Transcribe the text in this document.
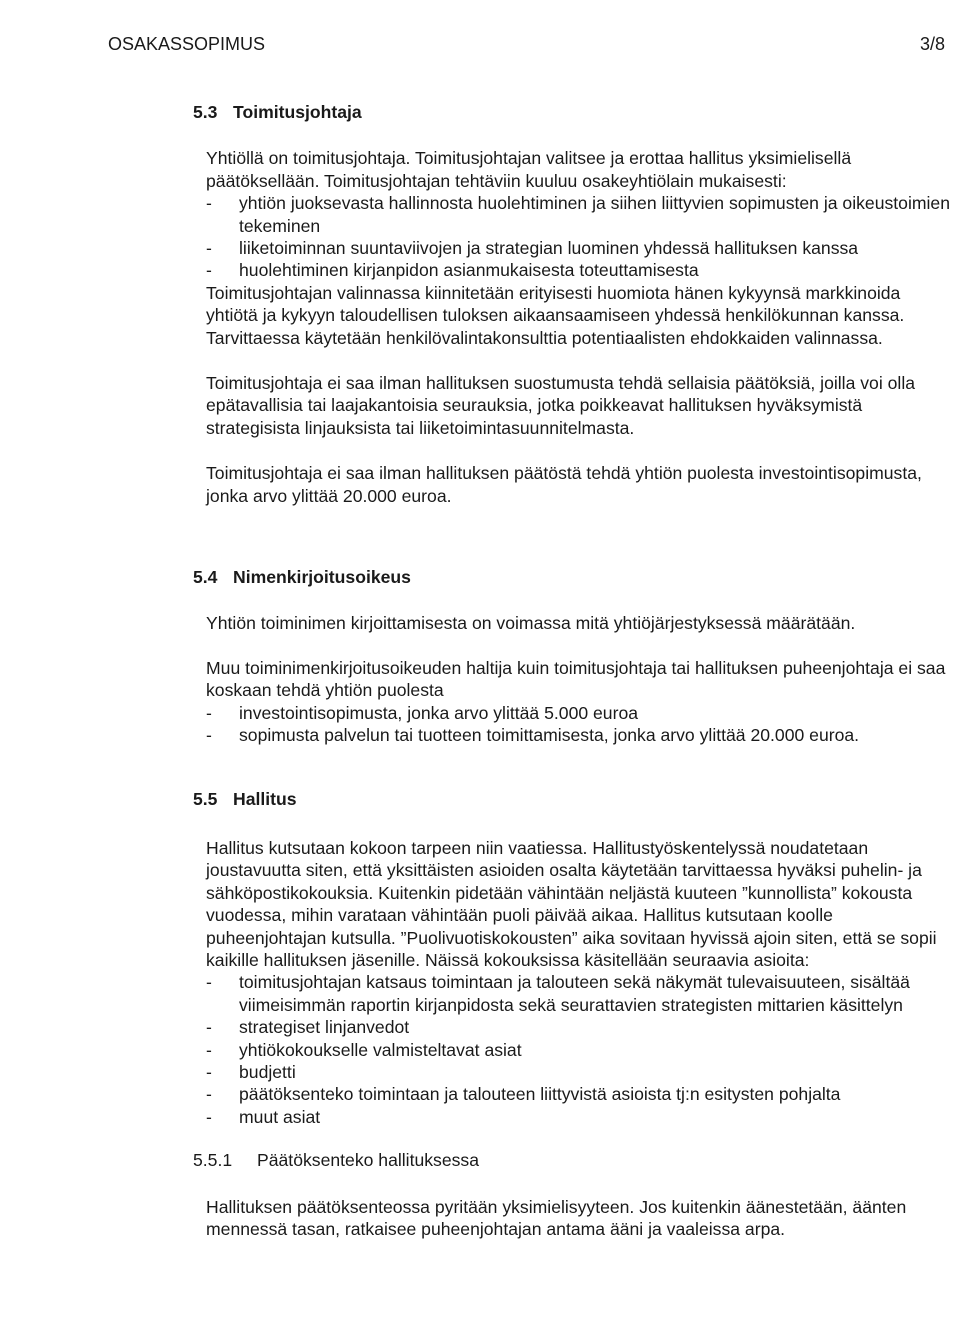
OSAKASSOPIMUS	3/8
5.3 Toimitusjohtaja

Yhtiöllä on toimitusjohtaja. Toimitusjohtajan valitsee ja erottaa hallitus yksimielisellä päätöksellään. Toimitusjohtajan tehtäviin kuuluu osakeyhtiölain mukaisesti:

- yhtiön juoksevasta hallinnosta huolehtiminen ja siihen liittyvien sopimusten ja oikeustoimien tekeminen
- liiketoiminnan suuntaviivojen ja strategian luominen yhdessä hallituksen kanssa
- huolehtiminen kirjanpidon asianmukaisesta toteuttamisesta

Toimitusjohtajan valinnassa kiinnitetään erityisesti huomiota hänen kykyynsä markkinoida yhtiötä ja kykyyn taloudellisen tuloksen aikaansaamiseen yhdessä henkilökunnan kanssa. Tarvittaessa käytetään henkilövalintakonsulttia potentiaalisten ehdokkaiden valinnassa.

Toimitusjohtaja ei saa ilman hallituksen suostumusta tehdä sellaisia päätöksiä, joilla voi olla epätavallisia tai laajakantoisia seurauksia, jotka poikkeavat hallituksen hyväksymistä strategisista linjauksista tai liiketoimintasuunnitelmasta.

Toimitusjohtaja ei saa ilman hallituksen päätöstä tehdä yhtiön puolesta investointisopimusta, jonka arvo ylittää 20.000 euroa.

5.4 Nimenkirjoitusoikeus

Yhtiön toiminimen kirjoittamisesta on voimassa mitä yhtiöjärjestyksessä määrätään.

Muu toiminimenkirjoitusoikeuden haltija kuin toimitusjohtaja tai hallituksen puheenjohtaja ei saa koskaan tehdä yhtiön puolesta

- investointisopimusta, jonka arvo ylittää 5.000 euroa
- sopimusta palvelun tai tuotteen toimittamisesta, jonka arvo ylittää 20.000 euroa.
5.5 Hallitus

Hallitus kutsutaan kokoon tarpeen niin vaatiessa. Hallitustyöskentelyssä noudatetaan joustavuutta siten, että yksittäisten asioiden osalta käytetään tarvittaessa hyväksi puhelin- ja sähköpostikokouksia. Kuitenkin pidetään vähintään neljästä kuuteen ”kunnollista” kokousta vuodessa, mihin varataan vähintään puoli päivää aikaa. Hallitus kutsutaan koolle puheenjohtajan kutsulla. ”Puolivuotiskokousten” aika sovitaan hyvissä ajoin siten, että se sopii kaikille hallituksen jäsenille. Näissä kokouksissa käsitellään seuraavia asioita:

- toimitusjohtajan katsaus toimintaan ja talouteen sekä näkymät tulevaisuuteen, sisältää viimeisimmän raportin kirjanpidosta sekä seurattavien strategisten mittarien käsittelyn
- strategiset linjanvedot
- yhtiökokoukselle valmisteltavat asiat
- budjetti
- päätöksenteko toimintaan ja talouteen liittyvistä asioista tj:n esitysten pohjalta
- muut asiat
5.5.1 Päätöksenteko hallituksessa

Hallituksen päätöksenteossa pyritään yksimielisyyteen. Jos kuitenkin äänestetään, äänten mennessä tasan, ratkaisee puheenjohtajan antama ääni ja vaaleissa arpa.
